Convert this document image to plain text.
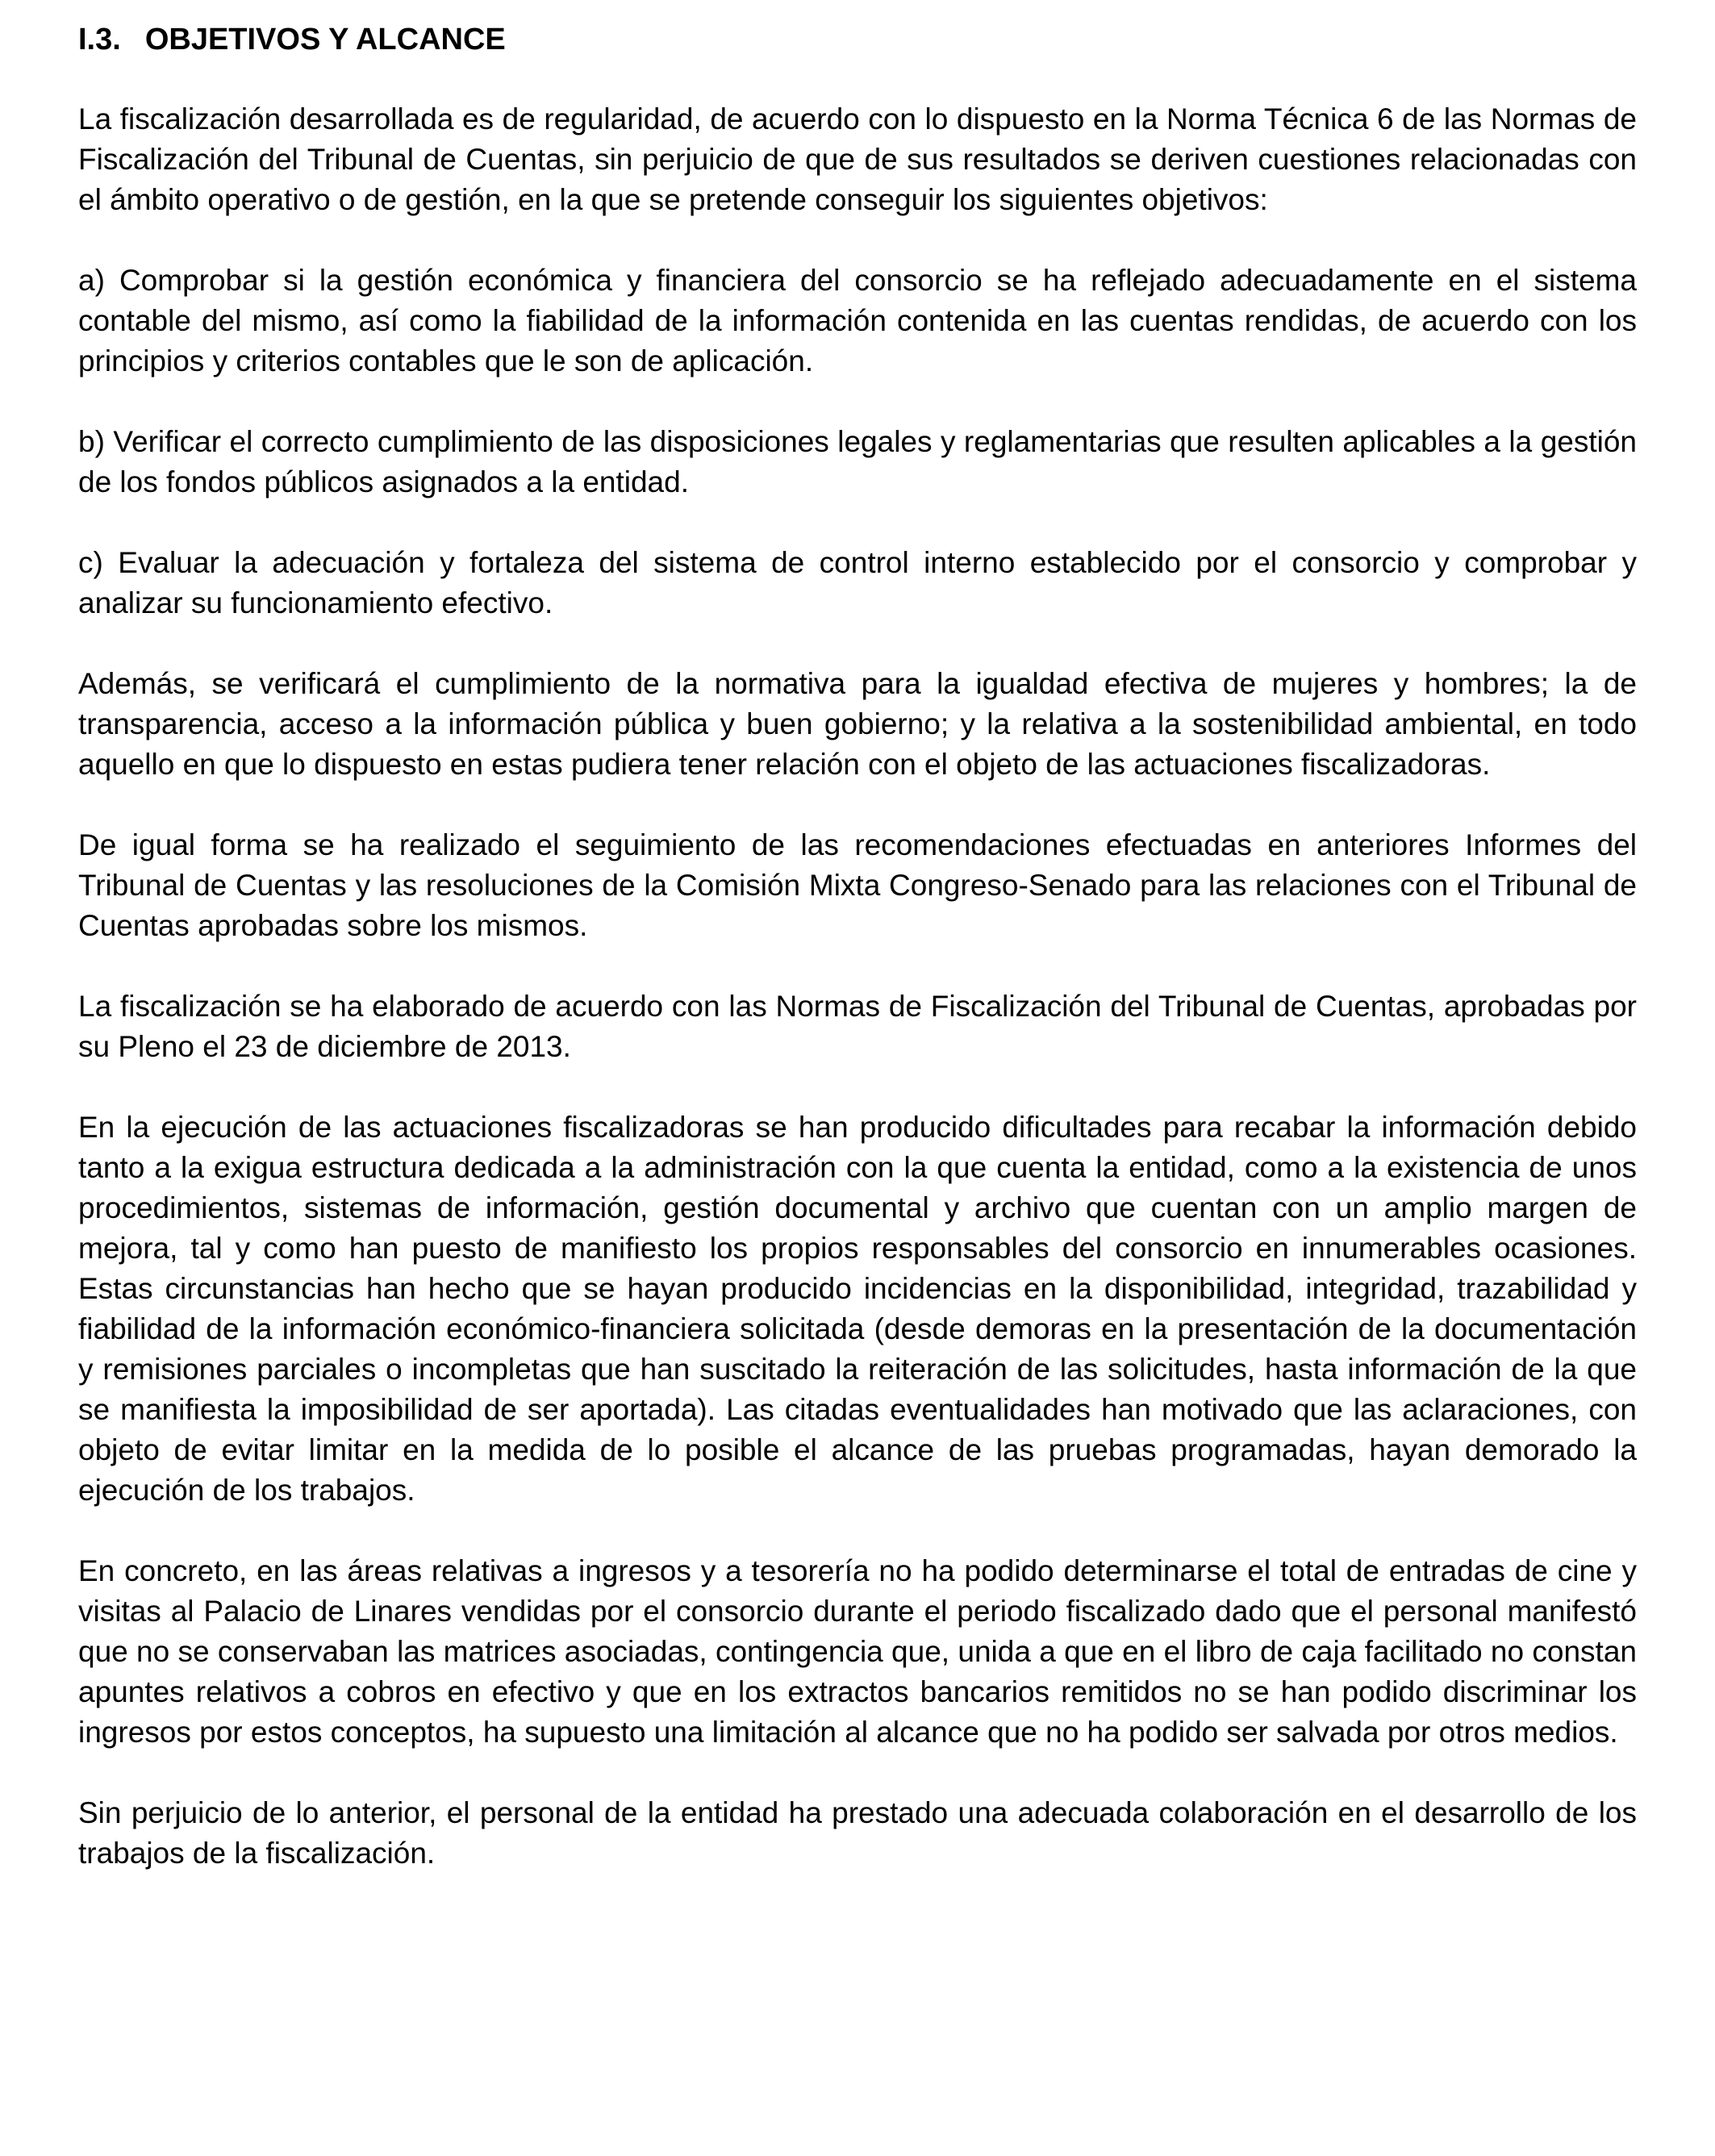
I.3. OBJETIVOS Y ALCANCE

La fiscalización desarrollada es de regularidad, de acuerdo con lo dispuesto en la Norma Técnica 6 de las Normas de Fiscalización del Tribunal de Cuentas, sin perjuicio de que de sus resultados se deriven cuestiones relacionadas con el ámbito operativo o de gestión, en la que se pretende conseguir los siguientes objetivos:

a) Comprobar si la gestión económica y financiera del consorcio se ha reflejado adecuadamente en el sistema contable del mismo, así como la fiabilidad de la información contenida en las cuentas rendidas, de acuerdo con los principios y criterios contables que le son de aplicación.

b) Verificar el correcto cumplimiento de las disposiciones legales y reglamentarias que resulten aplicables a la gestión de los fondos públicos asignados a la entidad.

c) Evaluar la adecuación y fortaleza del sistema de control interno establecido por el consorcio y comprobar y analizar su funcionamiento efectivo.

Además, se verificará el cumplimiento de la normativa para la igualdad efectiva de mujeres y hombres; la de transparencia, acceso a la información pública y buen gobierno; y la relativa a la sostenibilidad ambiental, en todo aquello en que lo dispuesto en estas pudiera tener relación con el objeto de las actuaciones fiscalizadoras.

De igual forma se ha realizado el seguimiento de las recomendaciones efectuadas en anteriores Informes del Tribunal de Cuentas y las resoluciones de la Comisión Mixta Congreso-Senado para las relaciones con el Tribunal de Cuentas aprobadas sobre los mismos.

La fiscalización se ha elaborado de acuerdo con las Normas de Fiscalización del Tribunal de Cuentas, aprobadas por su Pleno el 23 de diciembre de 2013.

En la ejecución de las actuaciones fiscalizadoras se han producido dificultades para recabar la información debido tanto a la exigua estructura dedicada a la administración con la que cuenta la entidad, como a la existencia de unos procedimientos, sistemas de información, gestión documental y archivo que cuentan con un amplio margen de mejora, tal y como han puesto de manifiesto los propios responsables del consorcio en innumerables ocasiones. Estas circunstancias han hecho que se hayan producido incidencias en la disponibilidad, integridad, trazabilidad y fiabilidad de la información económico-financiera solicitada (desde demoras en la presentación de la documentación y remisiones parciales o incompletas que han suscitado la reiteración de las solicitudes, hasta información de la que se manifiesta la imposibilidad de ser aportada). Las citadas eventualidades han motivado que las aclaraciones, con objeto de evitar limitar en la medida de lo posible el alcance de las pruebas programadas, hayan demorado la ejecución de los trabajos.

En concreto, en las áreas relativas a ingresos y a tesorería no ha podido determinarse el total de entradas de cine y visitas al Palacio de Linares vendidas por el consorcio durante el periodo fiscalizado dado que el personal manifestó que no se conservaban las matrices asociadas, contingencia que, unida a que en el libro de caja facilitado no constan apuntes relativos a cobros en efectivo y que en los extractos bancarios remitidos no se han podido discriminar los ingresos por estos conceptos, ha supuesto una limitación al alcance que no ha podido ser salvada por otros medios.

Sin perjuicio de lo anterior, el personal de la entidad ha prestado una adecuada colaboración en el desarrollo de los trabajos de la fiscalización.
